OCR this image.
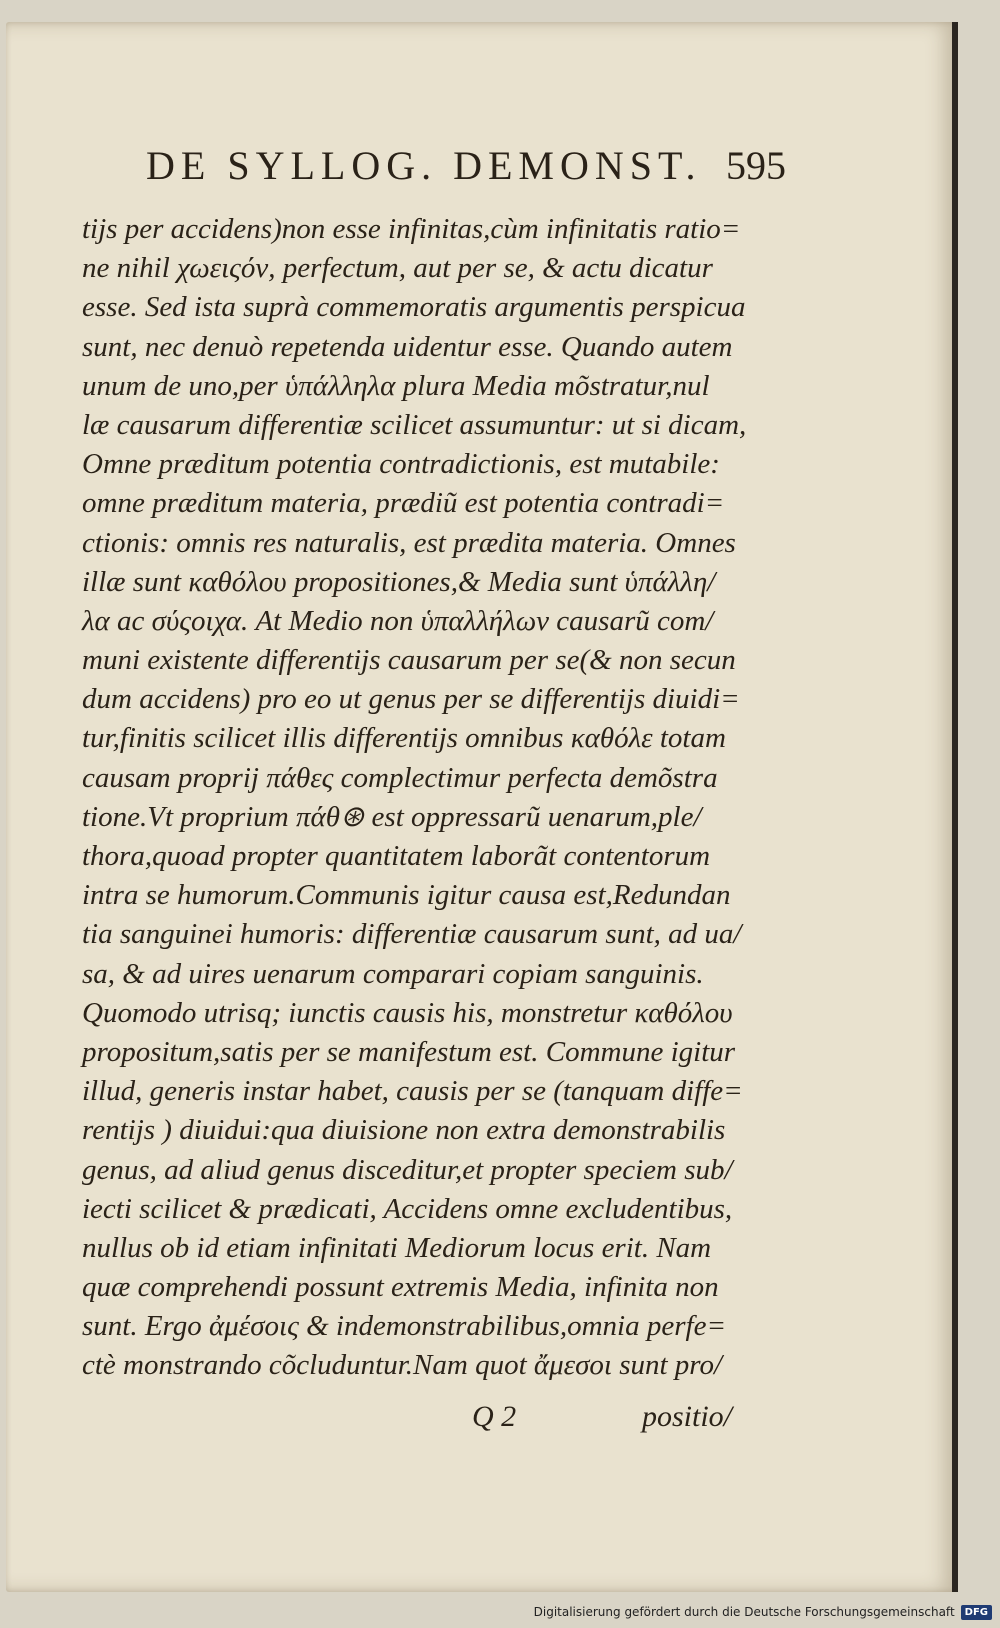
DE SYLLOG. DEMONST. 595
tijs per accidens)non esse infinitas,cùm infinitatis ratio=
ne nihil χωειςόν, perfectum, aut per se, & actu dicatur
esse. Sed ista suprà commemoratis argumentis perspicua
sunt, nec denuò repetenda uidentur esse. Quando autem
unum de uno,per ὑπάλληλα plura Media mõstratur,nul
læ causarum differentiæ scilicet assumuntur: ut si dicam,
Omne præditum potentia contradictionis, est mutabile:
omne præditum materia, prædiũ est potentia contradi=
ctionis: omnis res naturalis, est prædita materia. Omnes
illæ sunt καθόλου propositiones,& Media sunt ὑπάλλη/
λα ac σύςοιχα. At Medio non ὑπαλλήλων causarũ com/
muni existente differentijs causarum per se(& non secun
dum accidens) pro eo ut genus per se differentijs diuidi=
tur,finitis scilicet illis differentijs omnibus καθόλε totam
causam proprij πάθες complectimur perfecta demõstra
tione.Vt proprium πάθ⊛ est oppressarũ uenarum,ple/
thora,quoad propter quantitatem laborãt contentorum
intra se humorum.Communis igitur causa est,Redundan
tia sanguinei humoris: differentiæ causarum sunt, ad ua/
sa, & ad uires uenarum comparari copiam sanguinis.
Quomodo utrisq; iunctis causis his, monstretur καθόλου
propositum,satis per se manifestum est. Commune igitur
illud, generis instar habet, causis per se (tanquam diffe=
rentijs ) diuidui:qua diuisione non extra demonstrabilis
genus, ad aliud genus disceditur,et propter speciem sub/
iecti scilicet & prædicati, Accidens omne excludentibus,
nullus ob id etiam infinitati Mediorum locus erit. Nam
quæ comprehendi possunt extremis Media, infinita non
sunt. Ergo ἀμέσοις & indemonstrabilibus,omnia perfe=
ctè monstrando cõcluduntur.Nam quot ἄμεσοι sunt pro/
Q 2	positio/
Digitalisierung gefördert durch die Deutsche Forschungsgemeinschaft	DFG
